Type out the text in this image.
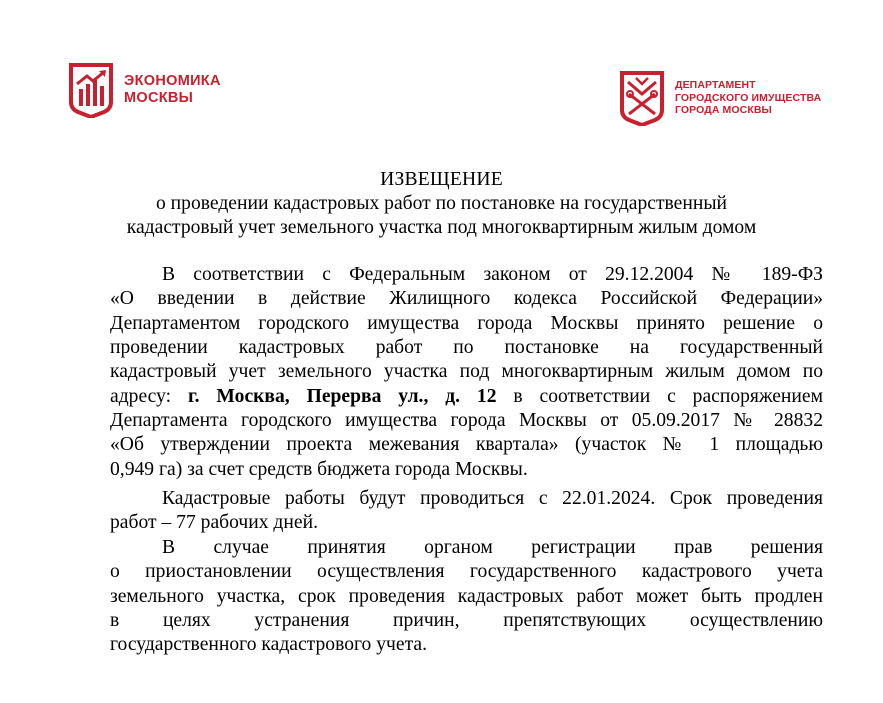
ЭКОНОМИКА
МОСКВЫ
ДЕПАРТАМЕНТ
ГОРОДСКОГО ИМУЩЕСТВА
ГОРОДА МОСКВЫ
ИЗВЕЩЕНИЕ
о проведении кадастровых работ по постановке на государственный
кадастровый учет земельного участка под многоквартирным жилым домом
В соответствии с Федеральным законом от 29.12.2004 № 189-ФЗ
«О введении в действие Жилищного кодекса Российской Федерации»
Департаментом городского имущества города Москвы принято решение о
проведении кадастровых работ по постановке на государственный
кадастровый учет земельного участка под многоквартирным жилым домом по
адресу: г. Москва, Перерва ул., д. 12 в соответствии с распоряжением
Департамента городского имущества города Москвы от 05.09.2017 № 28832
«Об утверждении проекта межевания квартала» (участок № 1 площадью
0,949 га) за счет средств бюджета города Москвы.
Кадастровые работы будут проводиться с 22.01.2024. Срок проведения
работ – 77 рабочих дней.
В случае принятия органом регистрации прав решения
о приостановлении осуществления государственного кадастрового учета
земельного участка, срок проведения кадастровых работ может быть продлен
в целях устранения причин, препятствующих осуществлению
государственного кадастрового учета.
